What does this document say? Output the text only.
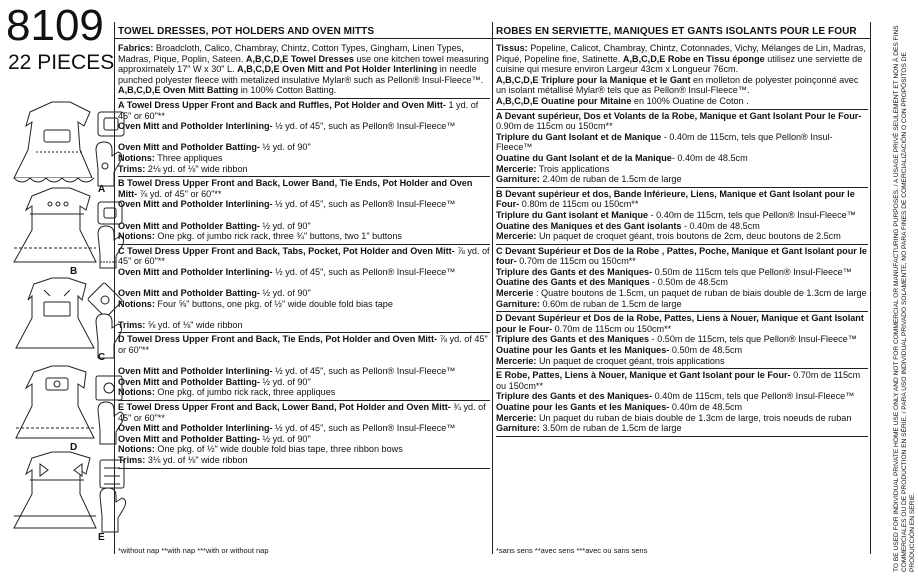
8109
22 PIECES
A
B
C
D
E
TOWEL DRESSES, POT HOLDERS AND OVEN MITTS	ROBES EN SERVIETTE, MANIQUES ET GANTS ISOLANTS POUR LE FOUR

Fabrics: Broadcloth, Calico, Chambray, Chintz, Cotton Types, Gingham, Linen Types, Madras, Pique, Poplin, Sateen. A,B,C,D,E Towel Dresses use one kitchen towel measuring approximately 17" W x 30" L. A,B,C,D,E Oven Mitt and Pot Holder Interlining in needle punched polyester fleece with metalized insulative Mylar® such as Pellon® Insul-Fleece™.

A,B,C,D,E Oven Mitt Batting in 100% Cotton Batting.

A Towel Dress Upper Front and Back and Ruffles, Pot Holder and Oven Mitt- 1 yd. of 45" or 60"**

Oven Mitt and Potholder Interlining- ½ yd. of 45", such as Pellon® Insul-Fleece™

Oven Mitt and Potholder Batting- ½ yd. of 90"

Notions: Three appliques

Trims: 2⅛ yd. of ⅛" wide ribbon

B Towel Dress Upper Front and Back, Lower Band, Tie Ends, Pot Holder and Oven Mitt- ⅞ yd. of 45" or 60"**

Oven Mitt and Potholder Interlining- ½ yd. of 45", such as Pellon® Insul-Fleece™

Oven Mitt and Potholder Batting- ½ yd. of 90"

Notions: One pkg. of jumbo rick rack, three ¾" buttons, two 1" buttons

C Towel Dress Upper Front and Back, Tabs, Pocket, Pot Holder and Oven Mitt- ⅞ yd. of 45" or 60"**

Oven Mitt and Potholder Interlining- ½ yd. of 45", such as Pellon® Insul-Fleece™

Oven Mitt and Potholder Batting- ½ yd. of 90"

Notions: Four ⅝" buttons, one pkg. of ½" wide double fold bias tape

Trims: ⅝ yd. of ⅛" wide ribbon

D Towel Dress Upper Front and Back, Tie Ends, Pot Holder and Oven Mitt- ⅞ yd. of 45" or 60"**

Oven Mitt and Potholder Interlining- ½ yd. of 45", such as Pellon® Insul-Fleece™

Oven Mitt and Potholder Batting- ½ yd. of 90"

Notions: One pkg. of jumbo rick rack, three appliques

E Towel Dress Upper Front and Back, Lower Band, Pot Holder and Oven Mitt- ¾ yd. of 45" or 60"**

Oven Mitt and Potholder Interlining- ½ yd. of 45", such as Pellon® Insul-Fleece™

Oven Mitt and Potholder Batting- ½ yd. of 90"

Notions: One pkg. of ½" wide double fold bias tape, three ribbon bows

Trims: 3⅛ yd. of ⅛" wide ribbon

Tissus: Popeline, Calicot, Chambray, Chintz, Cotonnades, Vichy, Mélanges de Lin, Madras, Piqué, Popeline fine, Satinette. A,B,C,D,E Robe en Tissu éponge utilisez une serviette de cuisine qui mesure environ Largeur 43cm x Longueur 76cm.

A,B,C,D,E Triplure pour la Manique et le Gant en molleton de polyester poinçonné avec un isolant métallisé Mylar® tels que as Pellon® Insul-Fleece™.

A,B,C,D,E Ouatine pour Mitaine en 100% Ouatine de Coton .

A Devant supérieur, Dos et Volants de la Robe, Manique et Gant Isolant Pour le Four- 0.90m de 115cm ou 150cm**

Triplure du Gant Isolant et de Manique - 0.40m de 115cm, tels que Pellon® Insul-Fleece™

Ouatine du Gant Isolant et de la Manique- 0.40m de 48.5cm

Mercerie: Trois applications

Garniture: 2.40m de ruban de 1.5cm de large

B Devant supérieur et dos, Bande Inférieure, Liens, Manique et Gant Isolant pour le Four- 0.80m de 115cm ou 150cm**

Triplure du Gant isolant et Manique - 0.40m de 115cm, tels que Pellon® Insul-Fleece™

Ouatine des Maniques et des Gant isolants - 0.40m de 48.5cm

Mercerie: Un paquet de croquet géant, trois boutons de 2cm, deuc boutons de 2.5cm

C Devant Supérieur et Dos de la Robe , Pattes, Poche, Manique et Gant Isolant pour le four- 0.70m de 115cm ou 150cm**

Triplure des Gants et des Maniques- 0.50m de 115cm tels que Pellon® Insul-Fleece™

Ouatine des Gants et des Maniques - 0.50m de 48.5cm

Mercerie : Quatre boutons de 1.5cm, un paquet de ruban de biais double de 1.3cm de large

Garniture: 0.60m de ruban de 1.5cm de large

D Devant Supérieur et Dos de la Robe, Pattes, Liens à Nouer, Manique et Gant Isolant pour le Four- 0.70m de 115cm ou 150cm**

Triplure des Gants et des Maniques - 0.50m de 115cm, tels que Pellon® Insul-Fleece™

Ouatine pour les Gants et les Maniques- 0.50m de 48.5cm

Mercerie: Un paquet de croquet géant, trois applications

E Robe, Pattes, Liens à Nouer, Manique et Gant Isolant pour le Four- 0.70m de 115cm ou 150cm**

Triplure des Gants et des Maniques- 0.40m de 115cm, tels que Pellon® Insul-Fleece™

Ouatine pour les Gants et les Maniques- 0.40m de 48.5cm

Mercerie: Un paquet du ruban de biais double de 1.3cm de large, trois noeuds de ruban

Garniture: 3.50m de ruban de 1.5cm de large

*without nap **with nap ***with or without nap	*sans sens **avec sens ***avec ou sans sens	TO BE USED FOR INDIVIDUAL PRIVATE HOME USE ONLY AND NOT FOR COMMERCIAL OR MANUFACTURING PURPOSES. / A USAGE PRIVÉ SEULEMENT ET NON À DES FINS COMMERCIALES OU DE PRODUCTION EN SÉRIE. / PARA USO INDIVIDUAL PRIVADO SOLAMENTE, NO PARA FINES DE COMERCIALIZACIÓN O CON PROPÓSITOS DE PRODUCCIÓN EN SERIE.
